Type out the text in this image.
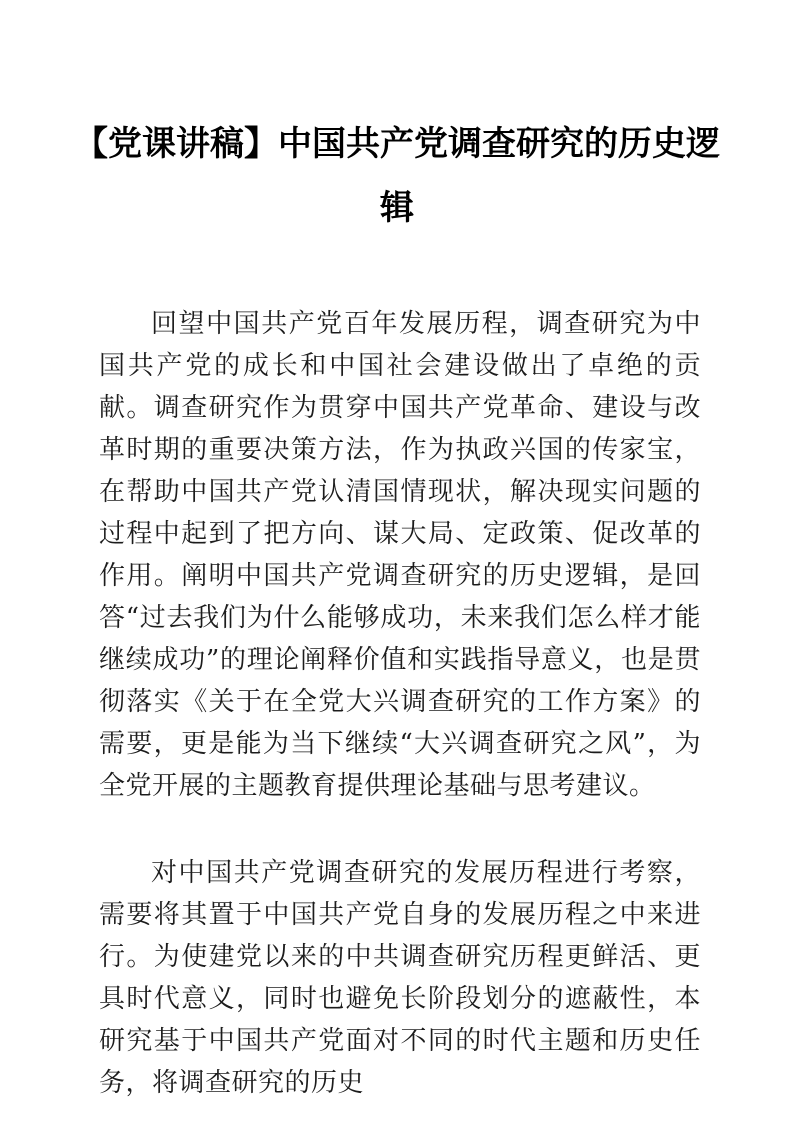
【党课讲稿】中国共产党调查研究的历史逻辑

回望中国共产党百年发展历程，调查研究为中国共产党的成长和中国社会建设做出了卓绝的贡献。调查研究作为贯穿中国共产党革命、建设与改革时期的重要决策方法，作为执政兴国的传家宝，在帮助中国共产党认清国情现状，解决现实问题的过程中起到了把方向、谋大局、定政策、促改革的作用。阐明中国共产党调查研究的历史逻辑，是回答“过去我们为什么能够成功，未来我们怎么样才能继续成功”的理论阐释价值和实践指导意义，也是贯彻落实《关于在全党大兴调查研究的工作方案》的需要，更是能为当下继续“大兴调查研究之风”，为全党开展的主题教育提供理论基础与思考建议。

对中国共产党调查研究的发展历程进行考察，需要将其置于中国共产党自身的发展历程之中来进行。为使建党以来的中共调查研究历程更鲜活、更具时代意义，同时也避免长阶段划分的遮蔽性，本研究基于中国共产党面对不同的时代主题和历史任务，将调查研究的历史
